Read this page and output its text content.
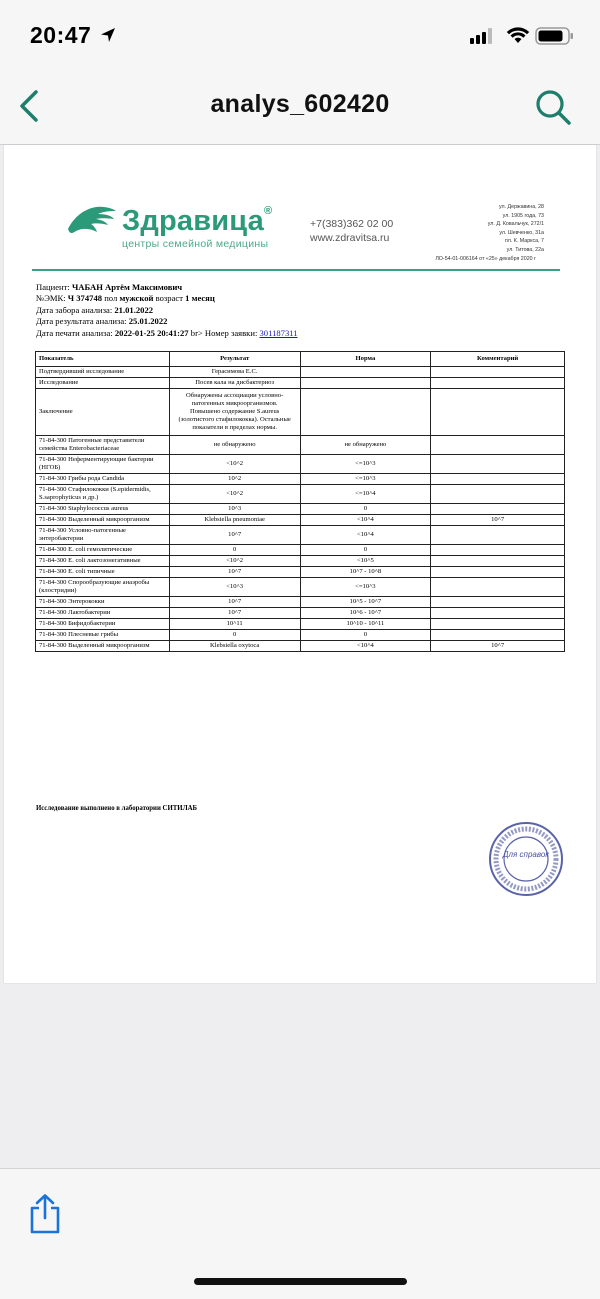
20:47
analys_602420
Здравица®
центры семейной медицины
+7(383)362 02 00
www.zdravitsa.ru
ул. Державина, 28
ул. 1905 года, 73
ул. Д. Ковальчук, 272/1
ул. Шевченко, 31а
пл. К. Маркса, 7
ул. Титова, 22а
ЛО-54-01-006164 от «25» декабря 2020 г
Пациент: ЧАБАН Артём Максимович
№ЭМК: Ч 374748 пол мужской возраст 1 месяц
Дата забора анализа: 21.01.2022
Дата результата анализа: 25.01.2022
Дата печати анализа: 2022-01-25 20:41:27 br> Номер заявки: 301187311
Показатель	Результат	Норма	Комментарий
Подтвердивший исследование	Герасимова Е.С.		
Исследование	Посев кала на дисбактериоз		
Заключение	Обнаружены ассоциации условно-патогенных микроорганизмов. Повышено содержание S.aureus (золотистого стафилококка). Остальные показатели в пределах нормы.		
71-84-300 Патогенные представители семейства Enterobacteriaceae	не обнаружено	не обнаружено	
71-84-300 Неферментирующие бактерии (НГОБ)	<10^2	<=10^3	
71-84-300 Грибы рода Candida	10^2	<=10^3	
71-84-300 Стафилококки (S.epidermidis, S.saprophyticus и др.)	<10^2	<=10^4	
71-84-300 Staphylococcus aureus	10^3	0	
71-84-300 Выделенный микроорганизм	Klebsiella pneumoniae	<10^4	10^7
71-84-300 Условно-патогенные энтеробактерии	10^7	<10^4	
71-84-300 E. coli гемолитические	0	0	
71-84-300 E. coli лактозонегативные	<10^2	<10^5	
71-84-300 E. coli типичные	10^7	10^7 - 10^8	
71-84-300 Спорообразующие анаэробы (клостридии)	<10^3	<=10^3	
71-84-300 Энтерококки	10^7	10^5 - 10^7	
71-84-300 Лактобактерии	10^7	10^6 - 10^7	
71-84-300 Бифидобактерии	10^11	10^10 - 10^11	
71-84-300 Плесневые грибы	0	0	
71-84-300 Выделенный микроорганизм	Klebsiella oxytoca	<10^4	10^7
Исследование выполнено в лаборатории СИТИЛАБ
Для справок
